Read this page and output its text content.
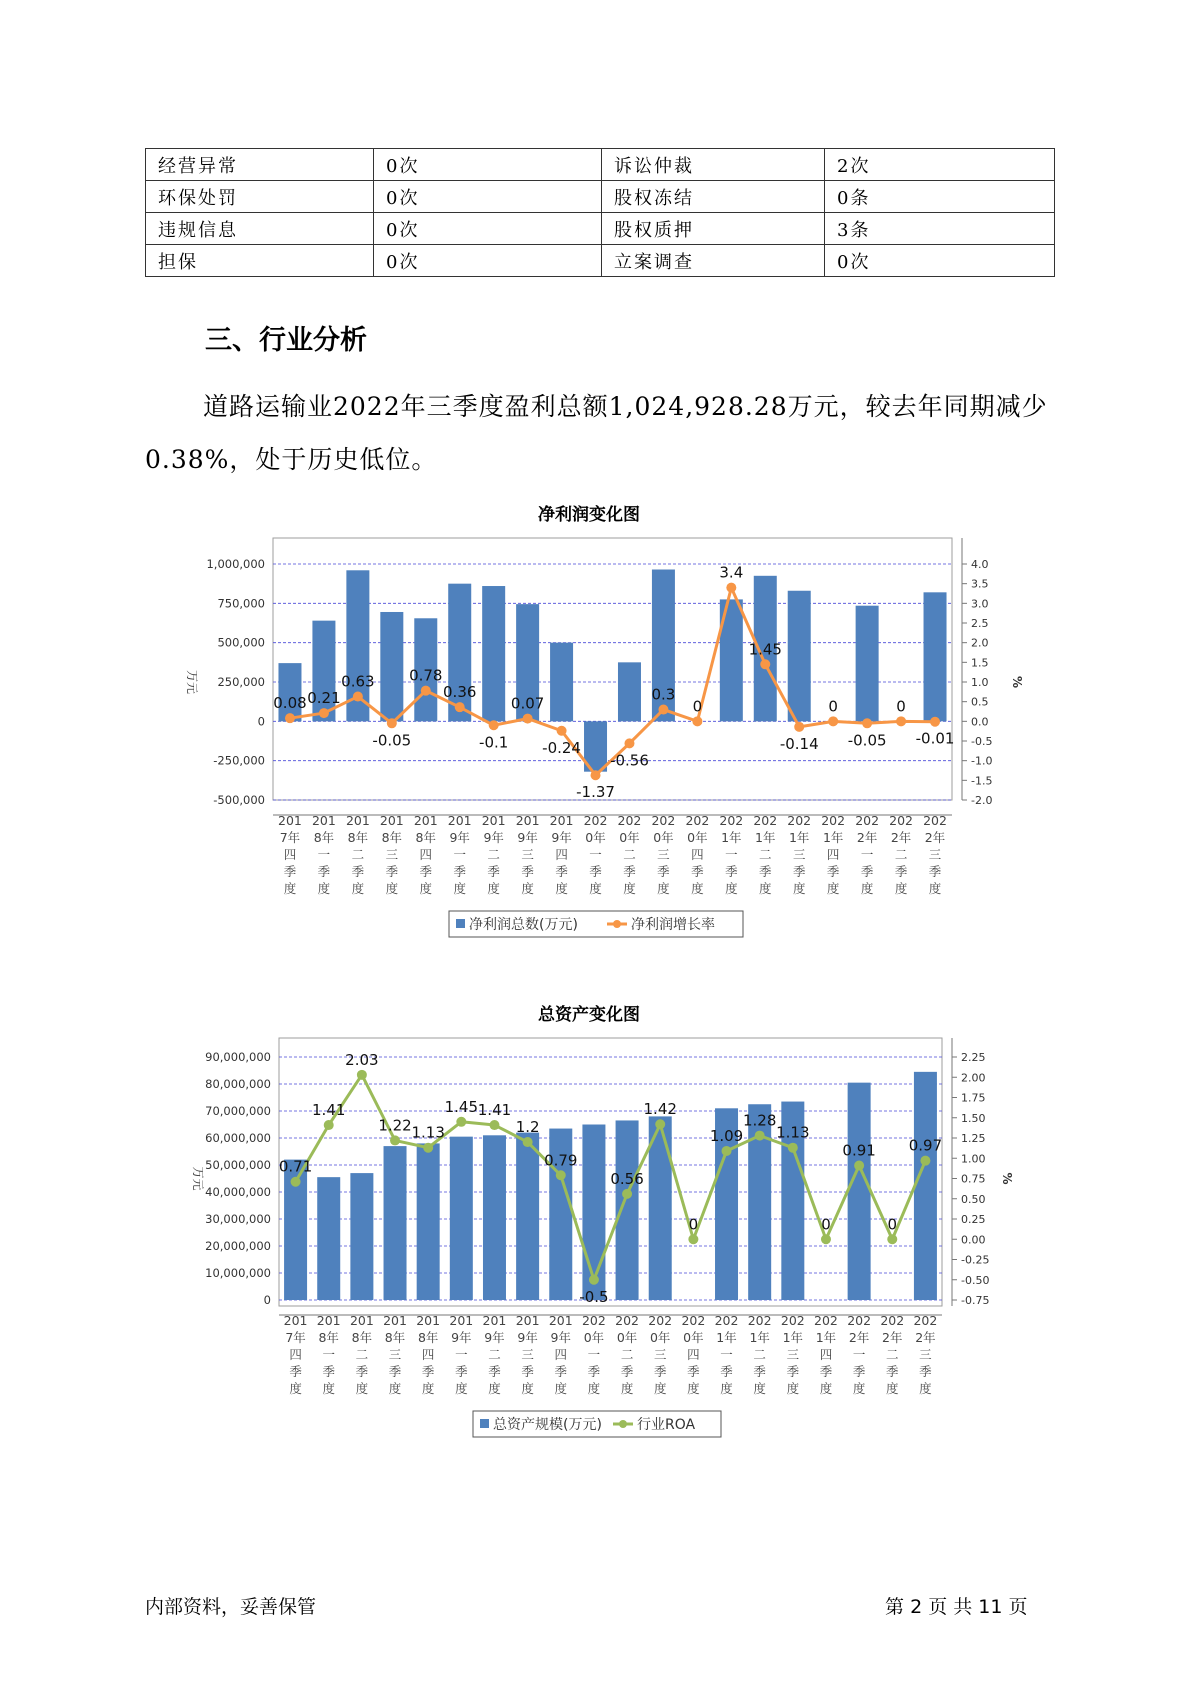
经营异常	0次	诉讼仲裁	2次
环保处罚	0次	股权冻结	0条
违规信息	0次	股权质押	3条
担保	0次	立案调查	0次
三、行业分析

道路运输业2022年三季度盈利总额1,024,928.28万元，较去年同期减少0.38%，处于历史低位。

净利润变化图
-500,000
-250,000
0
250,000
500,000
750,000
1,000,000
-2.0
-1.5
-1.0
-0.5
0.0
0.5
1.0
1.5
2.0
2.5
3.0
3.5
4.0
万元	%
0.08 0.21
0.63
-0.05
0.78
0.36
-0.1
0.07
-0.24
-1.37
-0.56
0.3
0
3.4
1.45
-0.14
0
-0.05
0
-0.01
201
7年
四
季
度
201
8年
一
季
度
201
8年
二
季
度
201
8年
三
季
度
201
8年
四
季
度
201
9年
一
季
度
201
9年
二
季
度
201
9年
三
季
度
201
9年
四
季
度
202
0年
一
季
度
202
0年
二
季
度
202
0年
三
季
度
202
0年
四
季
度
202
1年
一
季
度
202
1年
二
季
度
202
1年
三
季
度
202
1年
四
季
度
202
2年
一
季
度
202
2年
二
季
度
202
2年
三
季
度
净利润总数(万元)	净利润增长率
总资产变化图
0
10,000,000
20,000,000
30,000,000
40,000,000
50,000,000
60,000,000
70,000,000
80,000,000
90,000,000
-0.75
-0.50
-0.25
0.00
0.25
0.50
0.75
1.00
1.25
1.50
1.75
2.00
2.25
万元	%
0.71
1.41
2.03
1.22 1.13
1.45 1.41
1.2
0.79
-0.5
0.56
1.42
0
1.09
1.28
1.13
0
0.91
0
0.97
201
7年
四
季
度
201
8年
一
季
度
201
8年
二
季
度
201
8年
三
季
度
201
8年
四
季
度
201
9年
一
季
度
201
9年
二
季
度
201
9年
三
季
度
201
9年
四
季
度
202
0年
一
季
度
202
0年
二
季
度
202
0年
三
季
度
202
0年
四
季
度
202
1年
一
季
度
202
1年
二
季
度
202
1年
三
季
度
202
1年
四
季
度
202
2年
一
季
度
202
2年
二
季
度
202
2年
三
季
度
总资产规模(万元)	行业ROA
内部资料，妥善保管	第 2 页 共 11 页
